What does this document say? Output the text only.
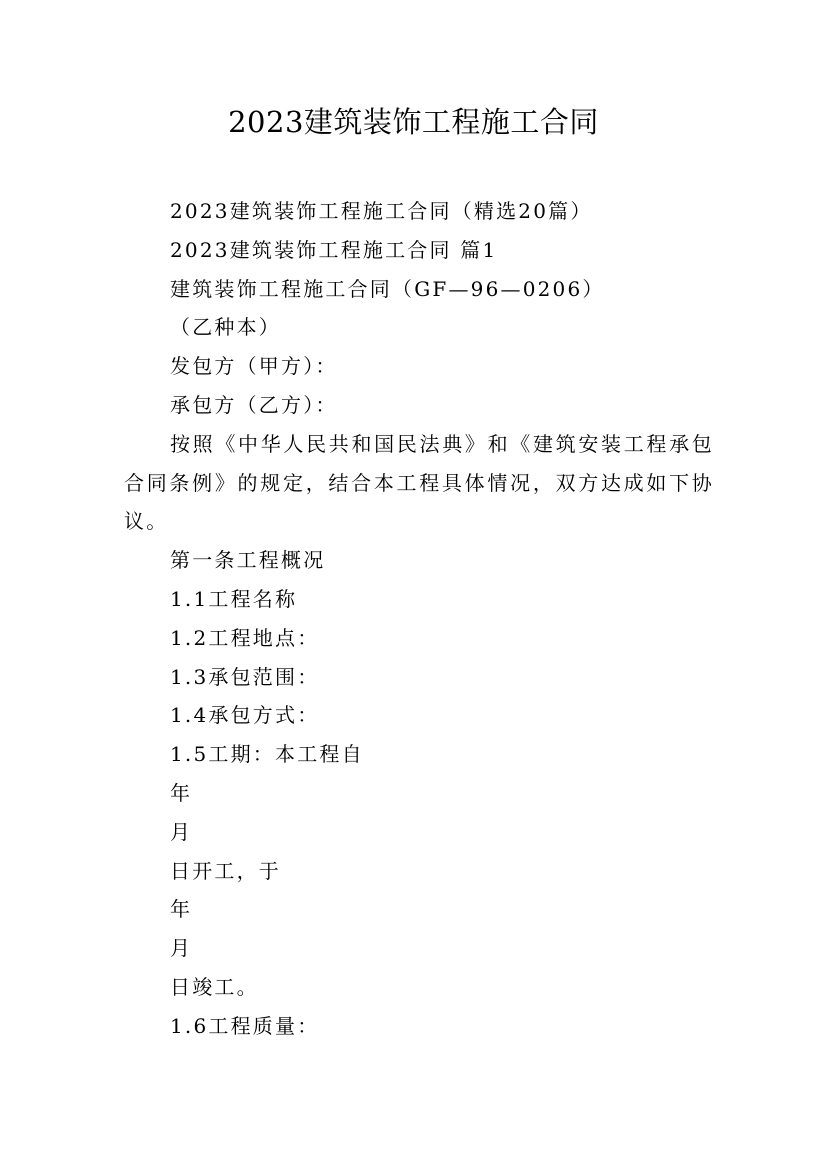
2023建筑装饰工程施工合同

2023建筑装饰工程施工合同（精选20篇）

2023建筑装饰工程施工合同 篇1

建筑装饰工程施工合同（GF—96—0206）

（乙种本）

发包方（甲方）：

承包方（乙方）：

按照《中华人民共和国民法典》和《建筑安装工程承包合同条例》的规定，结合本工程具体情况，双方达成如下协议。

第一条工程概况

1.1工程名称

1.2工程地点：

1.3承包范围：

1.4承包方式：

1.5工期：本工程自

年

月

日开工，于

年

月

日竣工。

1.6工程质量：
